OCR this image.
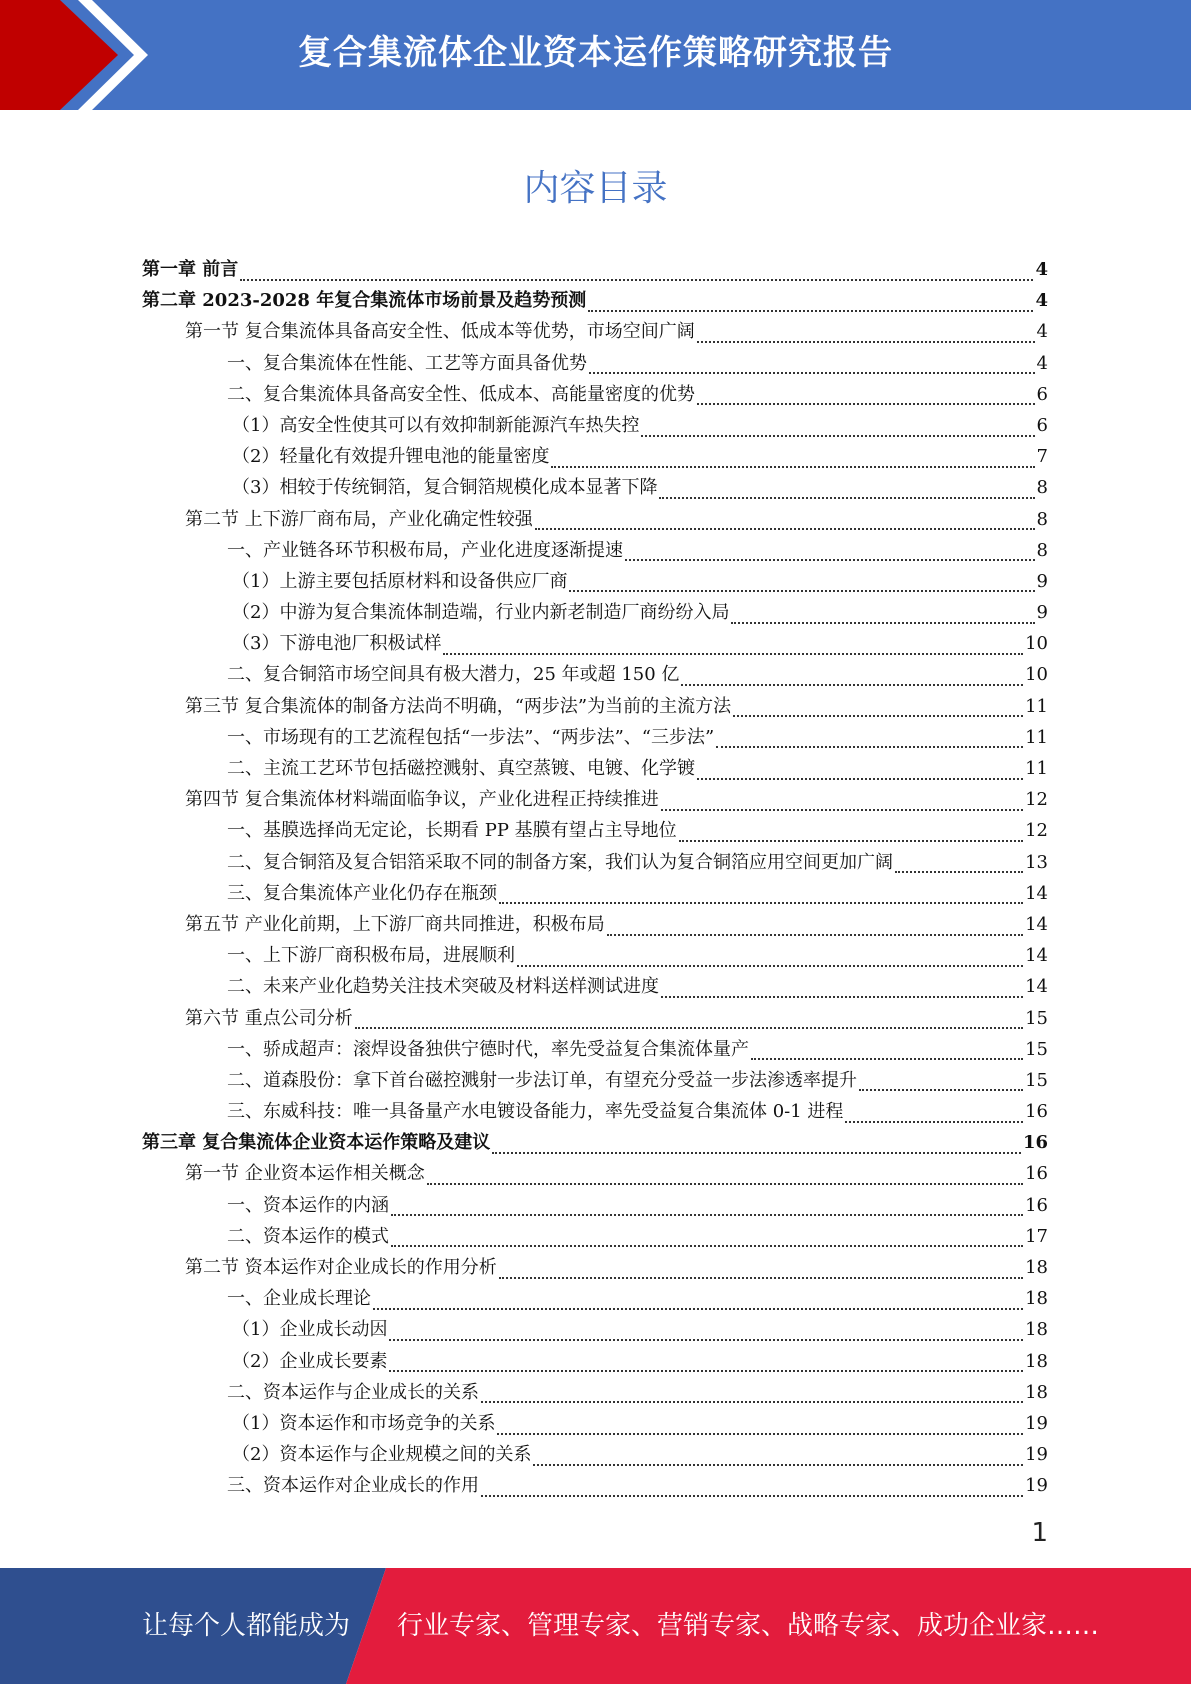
复合集流体企业资本运作策略研究报告
内容目录
第一章 前言	4
第二章 2023-2028 年复合集流体市场前景及趋势预测	4
第一节 复合集流体具备高安全性、低成本等优势，市场空间广阔	4
一、复合集流体在性能、工艺等方面具备优势	4
二、复合集流体具备高安全性、低成本、高能量密度的优势	6
（1）高安全性使其可以有效抑制新能源汽车热失控	6
（2）轻量化有效提升锂电池的能量密度	7
（3）相较于传统铜箔，复合铜箔规模化成本显著下降	8
第二节 上下游厂商布局，产业化确定性较强	8
一、产业链各环节积极布局，产业化进度逐渐提速	8
（1）上游主要包括原材料和设备供应厂商	9
（2）中游为复合集流体制造端，行业内新老制造厂商纷纷入局	9
（3）下游电池厂积极试样	10
二、复合铜箔市场空间具有极大潜力，25 年或超 150 亿	10
第三节 复合集流体的制备方法尚不明确，“两步法”为当前的主流方法	11
一、市场现有的工艺流程包括“一步法”、“两步法”、“三步法”	11
二、主流工艺环节包括磁控溅射、真空蒸镀、电镀、化学镀	11
第四节 复合集流体材料端面临争议，产业化进程正持续推进	12
一、基膜选择尚无定论，长期看 PP 基膜有望占主导地位	12
二、复合铜箔及复合铝箔采取不同的制备方案，我们认为复合铜箔应用空间更加广阔	13
三、复合集流体产业化仍存在瓶颈	14
第五节 产业化前期，上下游厂商共同推进，积极布局	14
一、上下游厂商积极布局，进展顺利	14
二、未来产业化趋势关注技术突破及材料送样测试进度	14
第六节 重点公司分析	15
一、骄成超声：滚焊设备独供宁德时代，率先受益复合集流体量产	15
二、道森股份：拿下首台磁控溅射一步法订单，有望充分受益一步法渗透率提升	15
三、东威科技：唯一具备量产水电镀设备能力，率先受益复合集流体 0-1 进程	16
第三章 复合集流体企业资本运作策略及建议	16
第一节 企业资本运作相关概念	16
一、资本运作的内涵	16
二、资本运作的模式	17
第二节 资本运作对企业成长的作用分析	18
一、企业成长理论	18
（1）企业成长动因	18
（2）企业成长要素	18
二、资本运作与企业成长的关系	18
（1）资本运作和市场竞争的关系	19
（2）资本运作与企业规模之间的关系	19
三、资本运作对企业成长的作用	19
1
让每个人都能成为 行业专家、管理专家、营销专家、战略专家、成功企业家……
